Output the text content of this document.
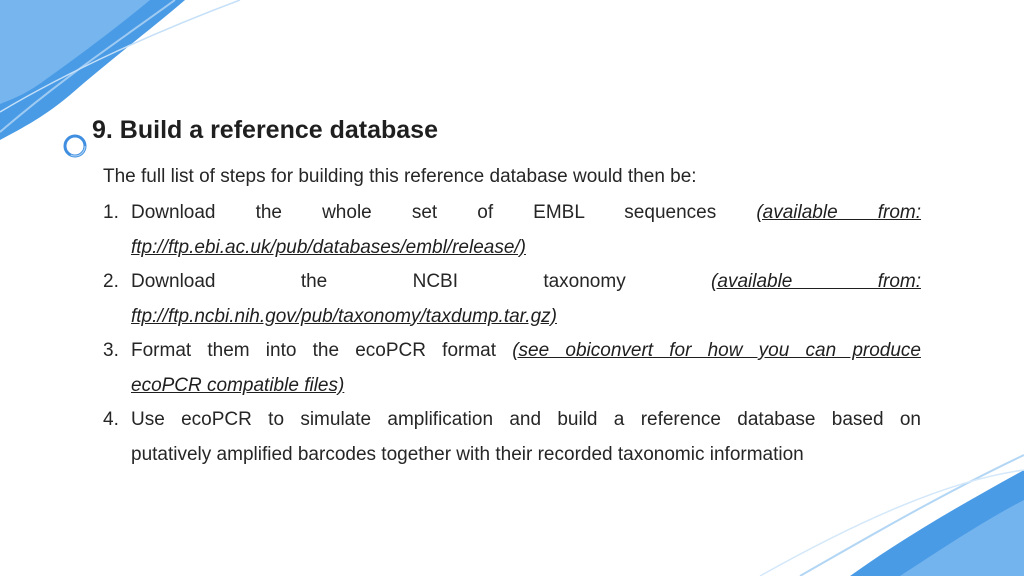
9. Build a reference database

The full list of steps for building this reference database would then be:

1. Download the whole set of EMBL sequences (available from:
ftp://ftp.ebi.ac.uk/pub/databases/embl/release/)
2. Download the NCBI taxonomy	(available from:
ftp://ftp.ncbi.nih.gov/pub/taxonomy/taxdump.tar.gz)
3. Format them into the ecoPCR format (see obiconvert for how you can produce
ecoPCR compatible files)
4. Use ecoPCR to simulate amplification and build a reference database based on
putatively amplified barcodes together with their recorded taxonomic information
